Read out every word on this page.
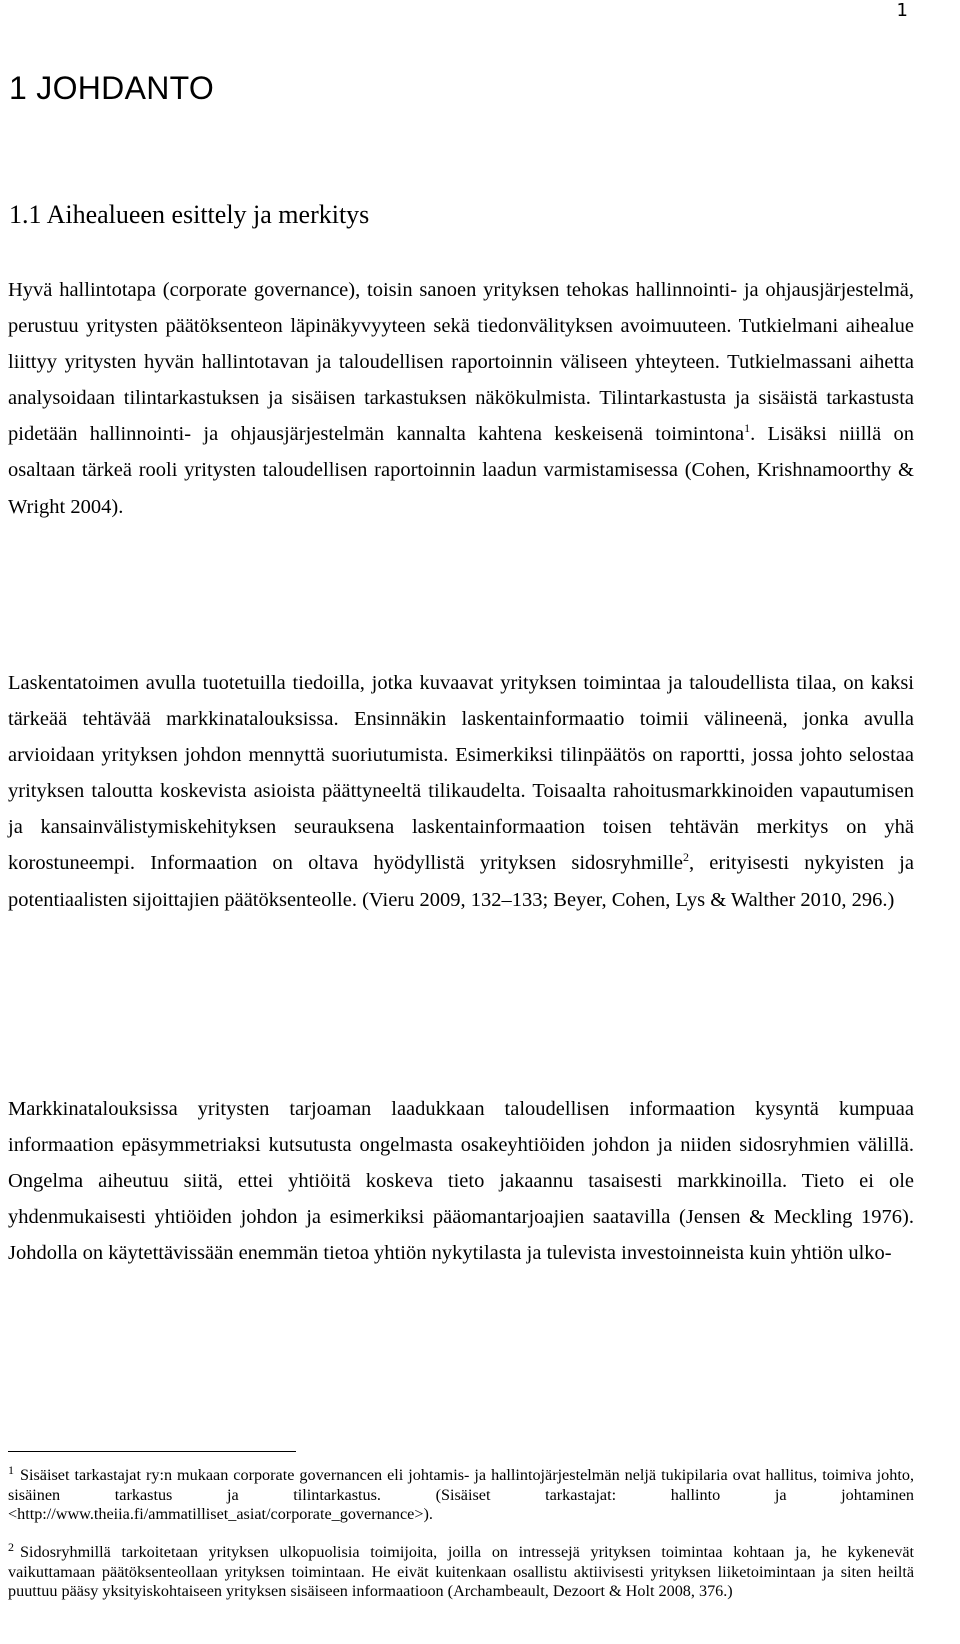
1
1 JOHDANTO
1.1 Aihealueen esittely ja merkitys

Hyvä hallintotapa (corporate governance), toisin sanoen yrityksen tehokas hallinnointi- ja ohjausjärjestelmä, perustuu yritysten päätöksenteon läpinäkyvyyteen sekä tiedonvälityksen avoimuuteen. Tutkielmani aihealue liittyy yritysten hyvän hallintotavan ja taloudellisen raportoinnin väliseen yhteyteen. Tutkielmassani aihetta analysoidaan tilintarkastuksen ja sisäisen tarkastuksen näkökulmista. Tilintarkastusta ja sisäistä tarkastusta pidetään hallinnointi- ja ohjausjärjestelmän kannalta kahtena keskeisenä toimintona$^1$. Lisäksi niillä on osaltaan tärkeä rooli yritysten taloudellisen raportoinnin laadun varmistamisessa (Cohen, Krishnamoorthy & Wright 2004).

Laskentatoimen avulla tuotetuilla tiedoilla, jotka kuvaavat yrityksen toimintaa ja taloudellista tilaa, on kaksi tärkeää tehtävää markkinatalouksissa. Ensinnäkin laskentainformaatio toimii välineenä, jonka avulla arvioidaan yrityksen johdon mennyttä suoriutumista. Esimerkiksi tilinpäätös on raportti, jossa johto selostaa yrityksen taloutta koskevista asioista päättyneeltä tilikaudelta. Toisaalta rahoitusmarkkinoiden vapautumisen ja kansainvälistymiskehityksen seurauksena laskentainformaation toisen tehtävän merkitys on yhä korostuneempi. Informaation on oltava hyödyllistä yrityksen sidosryhmille$^2$, erityisesti nykyisten ja potentiaalisten sijoittajien päätöksenteolle. (Vieru 2009, 132–133; Beyer, Cohen, Lys & Walther 2010, 296.)

Markkinatalouksissa yritysten tarjoaman laadukkaan taloudellisen informaation kysyntä kumpuaa informaation epäsymmetriaksi kutsutusta ongelmasta osakeyhtiöiden johdon ja niiden sidosryhmien välillä. Ongelma aiheutuu siitä, ettei yhtiöitä koskeva tieto jakaannu tasaisesti markkinoilla. Tieto ei ole yhdenmukaisesti yhtiöiden johdon ja esimerkiksi pääomantarjoajien saatavilla (Jensen & Meckling 1976). Johdolla on käytettävissään enemmän tietoa yhtiön nykytilasta ja tulevista investoinneista kuin yhtiön ulko-

$^1$ Sisäiset tarkastajat ry:n mukaan corporate governancen eli johtamis- ja hallintojärjestelmän neljä tukipilaria ovat hallitus, toimiva johto, sisäinen tarkastus ja tilintarkastus. (Sisäiset tarkastajat: hallinto ja johtaminen <http://www.theiia.fi/ammatilliset_asiat/corporate_governance>).

$^2$ Sidosryhmillä tarkoitetaan yrityksen ulkopuolisia toimijoita, joilla on intressejä yrityksen toimintaa kohtaan ja, he kykenevät vaikuttamaan päätöksenteollaan yrityksen toimintaan. He eivät kuitenkaan osallistu aktiivisesti yrityksen liiketoimintaan ja siten heiltä puuttuu pääsy yksityiskohtaiseen yrityksen sisäiseen informaatioon (Archambeault, Dezoort & Holt 2008, 376.)
